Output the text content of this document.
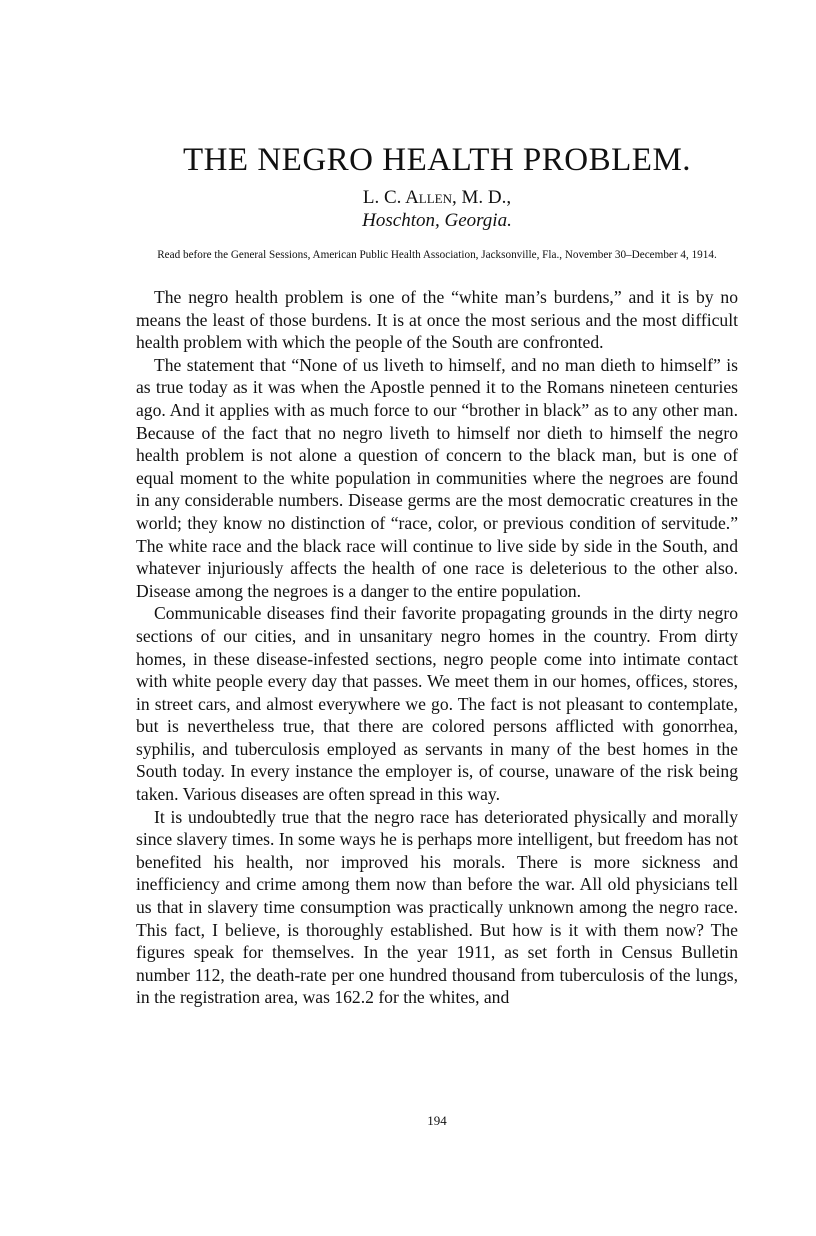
THE NEGRO HEALTH PROBLEM.

L. C. Allen, M. D.,

Hoschton, Georgia.

Read before the General Sessions, American Public Health Association, Jacksonville, Fla., November 30–December 4, 1914.

The negro health problem is one of the “white man’s burdens,” and it is by no means the least of those burdens. It is at once the most serious and the most difficult health problem with which the people of the South are confronted.

The statement that “None of us liveth to himself, and no man dieth to himself” is as true today as it was when the Apostle penned it to the Romans nineteen centuries ago. And it applies with as much force to our “brother in black” as to any other man. Because of the fact that no negro liveth to himself nor dieth to himself the negro health problem is not alone a question of concern to the black man, but is one of equal moment to the white population in communities where the negroes are found in any considerable numbers. Disease germs are the most democratic creatures in the world; they know no distinction of “race, color, or previous condition of servitude.” The white race and the black race will continue to live side by side in the South, and whatever injuriously affects the health of one race is deleterious to the other also. Disease among the negroes is a danger to the entire population.

Communicable diseases find their favorite propagating grounds in the dirty negro sections of our cities, and in unsanitary negro homes in the country. From dirty homes, in these disease-infested sections, negro people come into intimate contact with white people every day that passes. We meet them in our homes, offices, stores, in street cars, and almost everywhere we go. The fact is not pleasant to contemplate, but is nevertheless true, that there are colored persons afflicted with gonorrhea, syphilis, and tuberculosis employed as servants in many of the best homes in the South today. In every instance the employer is, of course, unaware of the risk being taken. Various diseases are often spread in this way.

It is undoubtedly true that the negro race has deteriorated physically and morally since slavery times. In some ways he is perhaps more intelligent, but freedom has not benefited his health, nor improved his morals. There is more sickness and inefficiency and crime among them now than before the war. All old physicians tell us that in slavery time consumption was practically unknown among the negro race. This fact, I believe, is thoroughly established. But how is it with them now? The figures speak for themselves. In the year 1911, as set forth in Census Bulletin number 112, the death-rate per one hundred thousand from tuberculosis of the lungs, in the registration area, was 162.2 for the whites, and

194
